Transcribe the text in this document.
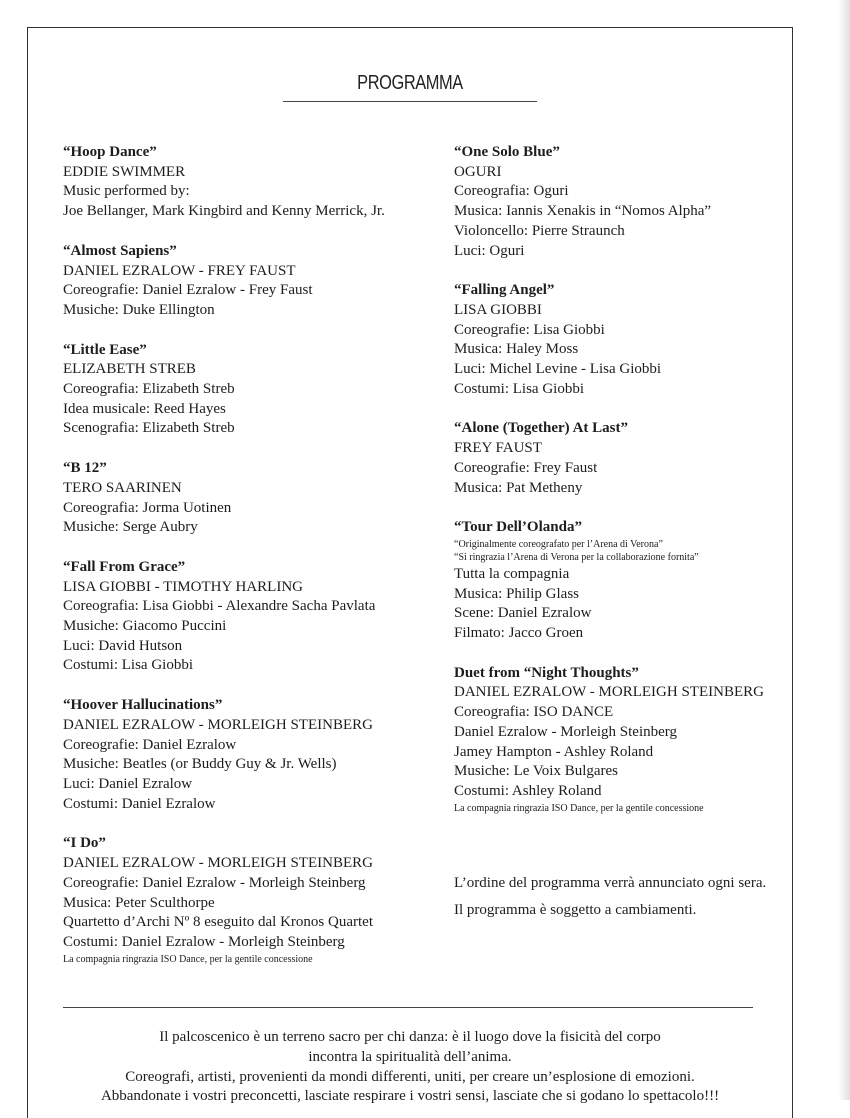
PROGRAMMA
“Hoop Dance”
EDDIE SWIMMER
Music performed by:
Joe Bellanger, Mark Kingbird and Kenny Merrick, Jr.
“Almost Sapiens”
DANIEL EZRALOW - FREY FAUST
Coreografie: Daniel Ezralow - Frey Faust
Musiche: Duke Ellington
“Little Ease”
ELIZABETH STREB
Coreografia: Elizabeth Streb
Idea musicale: Reed Hayes
Scenografia: Elizabeth Streb
“B 12”
TERO SAARINEN
Coreografia: Jorma Uotinen
Musiche: Serge Aubry
“Fall From Grace”
LISA GIOBBI - TIMOTHY HARLING
Coreografia: Lisa Giobbi - Alexandre Sacha Pavlata
Musiche: Giacomo Puccini
Luci: David Hutson
Costumi: Lisa Giobbi
“Hoover Hallucinations”
DANIEL EZRALOW - MORLEIGH STEINBERG
Coreografie: Daniel Ezralow
Musiche: Beatles (or Buddy Guy & Jr. Wells)
Luci: Daniel Ezralow
Costumi: Daniel Ezralow
“I Do”
DANIEL EZRALOW - MORLEIGH STEINBERG
Coreografie: Daniel Ezralow - Morleigh Steinberg
Musica: Peter Sculthorpe
Quartetto d’Archi Nº 8 eseguito dal Kronos Quartet
Costumi: Daniel Ezralow - Morleigh Steinberg
La compagnia ringrazia ISO Dance, per la gentile concessione
“One Solo Blue”
OGURI
Coreografia: Oguri
Musica: Iannis Xenakis in “Nomos Alpha”
Violoncello: Pierre Straunch
Luci: Oguri
“Falling Angel”
LISA GIOBBI
Coreografie: Lisa Giobbi
Musica: Haley Moss
Luci: Michel Levine - Lisa Giobbi
Costumi: Lisa Giobbi
“Alone (Together) At Last”
FREY FAUST
Coreografie: Frey Faust
Musica: Pat Metheny
“Tour Dell’Olanda”
“Originalmente coreografato per l’Arena di Verona”
“Si ringrazia l’Arena di Verona per la collaborazione fornita”
Tutta la compagnia
Musica: Philip Glass
Scene: Daniel Ezralow
Filmato: Jacco Groen
Duet from “Night Thoughts”
DANIEL EZRALOW - MORLEIGH STEINBERG
Coreografia: ISO DANCE
Daniel Ezralow - Morleigh Steinberg
Jamey Hampton - Ashley Roland
Musiche: Le Voix Bulgares
Costumi: Ashley Roland
La compagnia ringrazia ISO Dance, per la gentile concessione
L’ordine del programma verrà annunciato ogni sera.
Il programma è soggetto a cambiamenti.
Il palcoscenico è un terreno sacro per chi danza: è il luogo dove la fisicità del corpo
incontra la spiritualità dell’anima.
Coreografi, artisti, provenienti da mondi differenti, uniti, per creare un’esplosione di emozioni.
Abbandonate i vostri preconcetti, lasciate respirare i vostri sensi, lasciate che si godano lo spettacolo!!!
